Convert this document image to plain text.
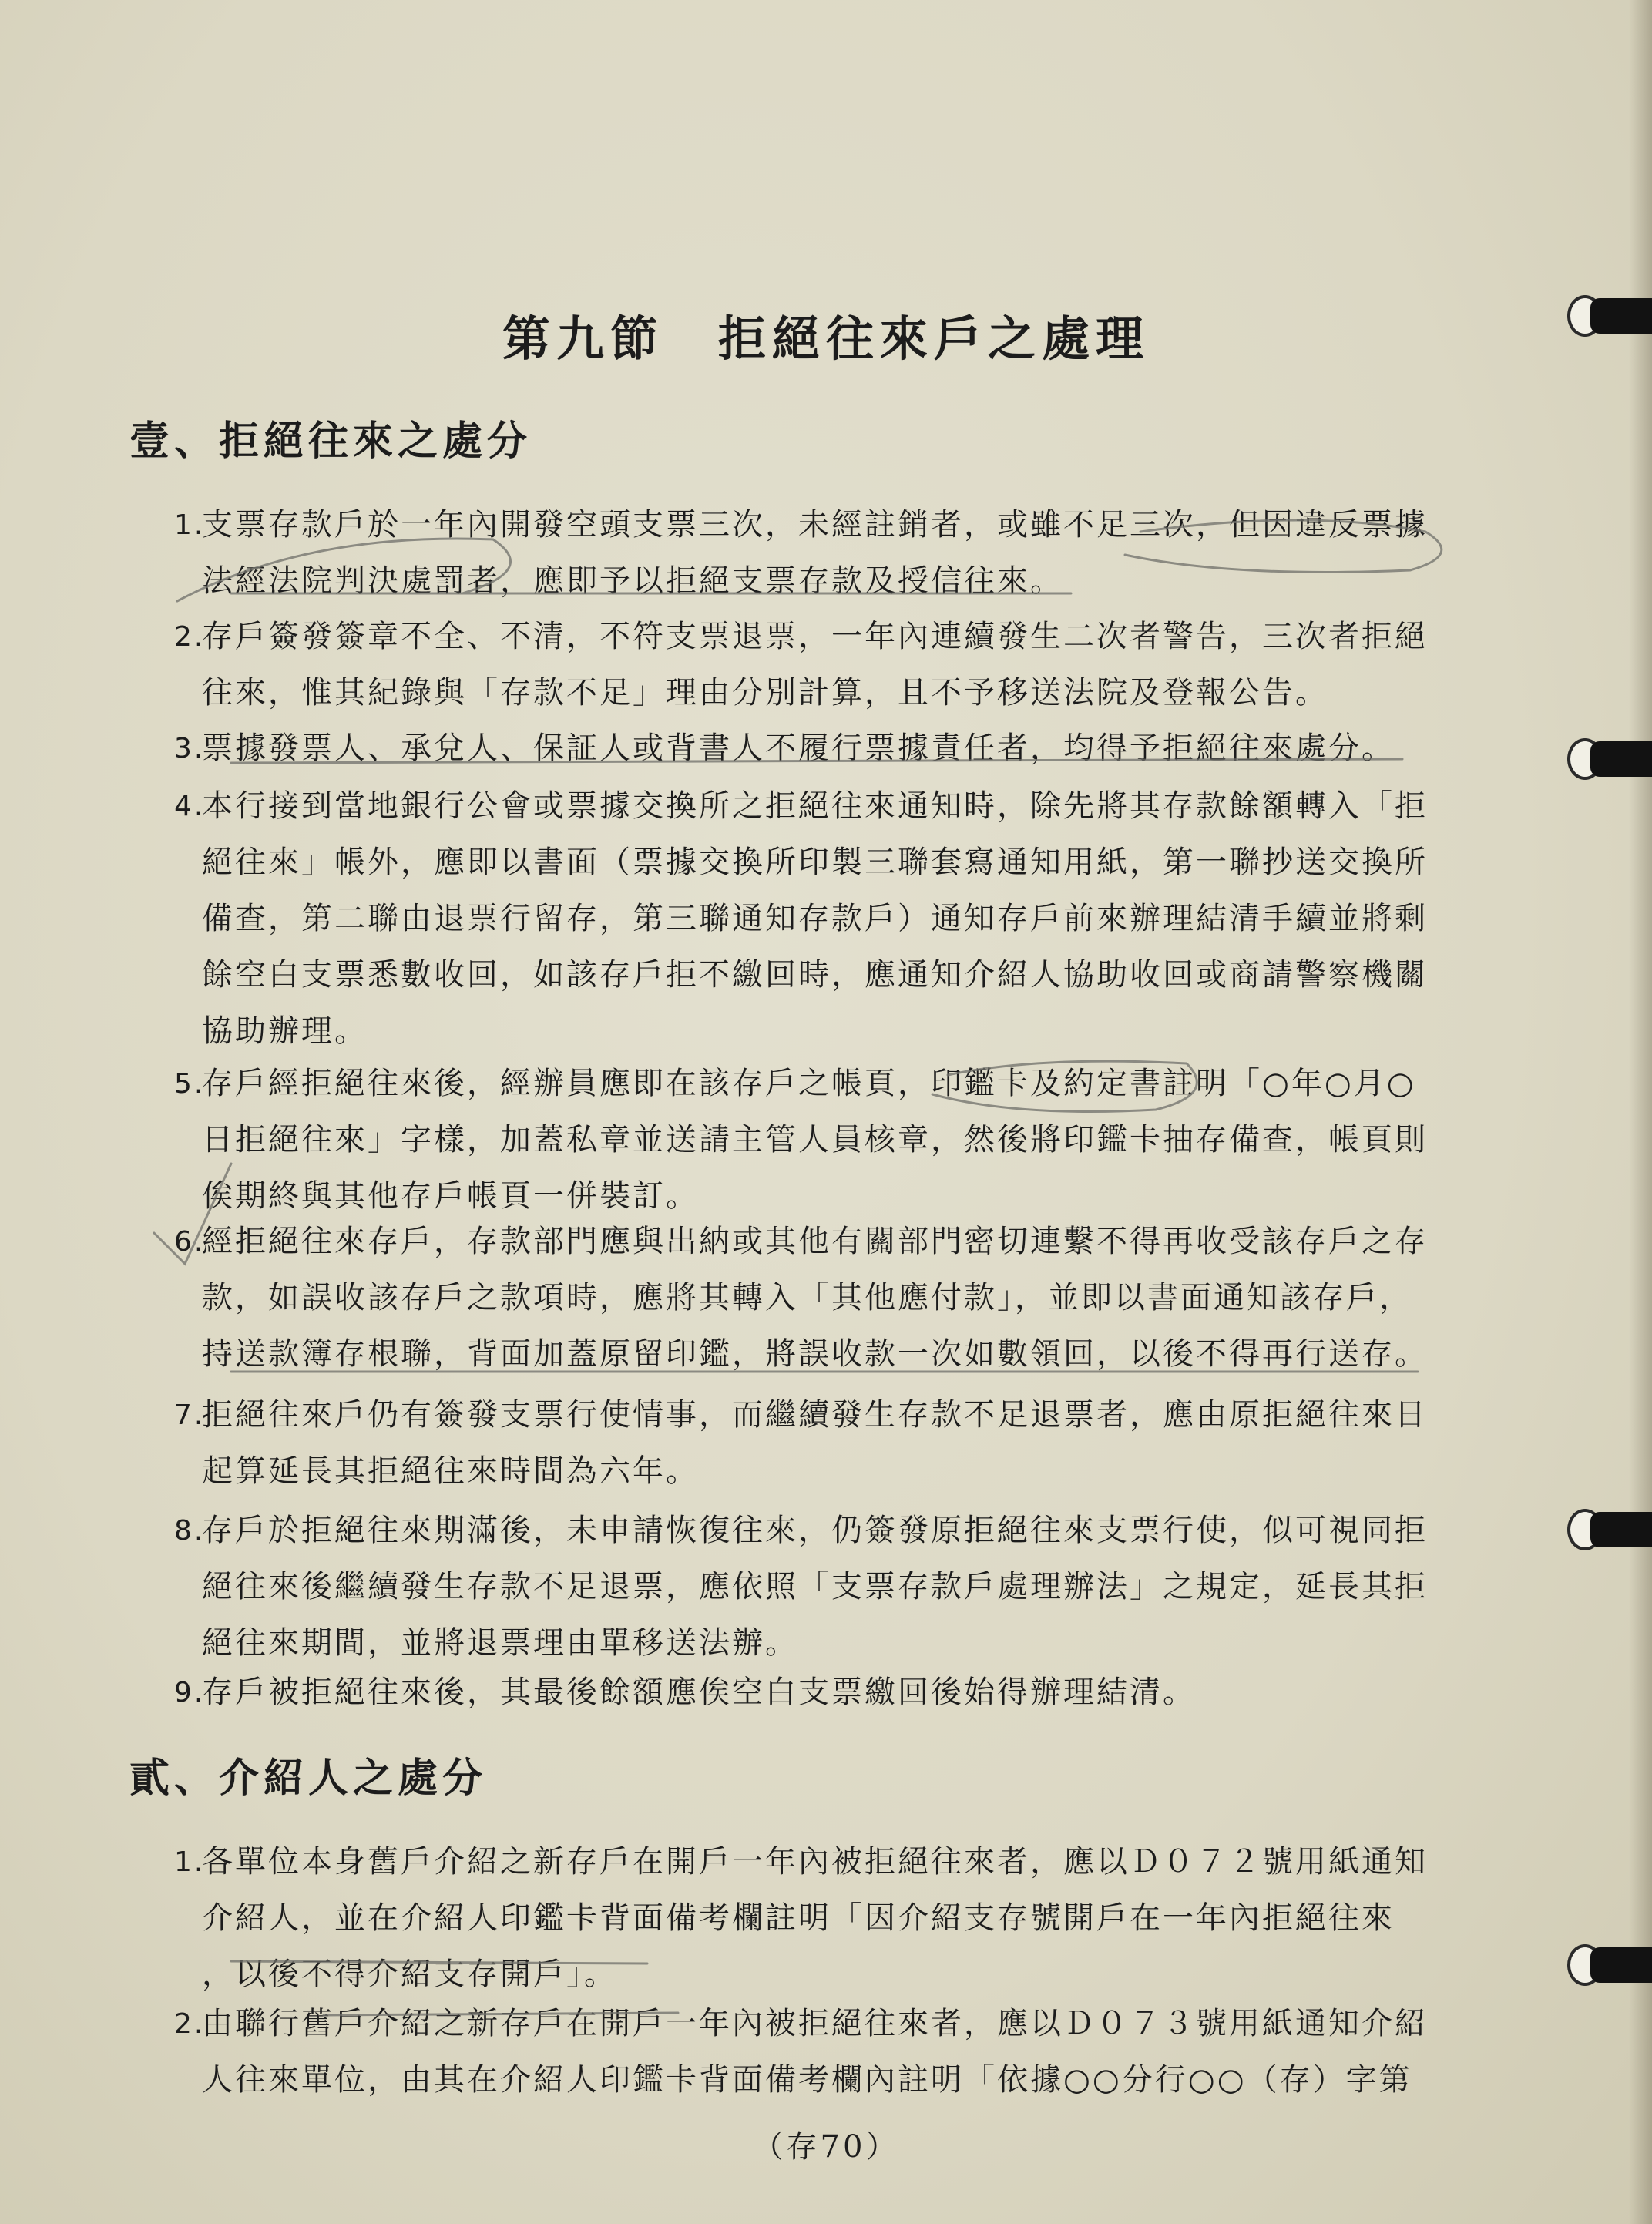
第九節　拒絕往來戶之處理
壹、拒絕往來之處分
1.
支票存款戶於一年內開發空頭支票三次，未經註銷者，或雖不足三次，但因違反票據
法經法院判決處罰者，應即予以拒絕支票存款及授信往來。
2.
存戶簽發簽章不全、不清，不符支票退票，一年內連續發生二次者警告，三次者拒絕
往來，惟其紀錄與「存款不足」理由分別計算，且不予移送法院及登報公告。
3.
票據發票人、承兌人、保証人或背書人不履行票據責任者，均得予拒絕往來處分。
4.
本行接到當地銀行公會或票據交換所之拒絕往來通知時，除先將其存款餘額轉入「拒
絕往來」帳外，應即以書面（票據交換所印製三聯套寫通知用紙，第一聯抄送交換所
備查，第二聯由退票行留存，第三聯通知存款戶）通知存戶前來辦理結清手續並將剩
餘空白支票悉數收回，如該存戶拒不繳回時，應通知介紹人協助收回或商請警察機關
協助辦理。
5.
存戶經拒絕往來後，經辦員應即在該存戶之帳頁，印鑑卡及約定書註明「○年○月○
日拒絕往來」字樣，加蓋私章並送請主管人員核章，然後將印鑑卡抽存備查，帳頁則
俟期終與其他存戶帳頁一併裝訂。
6.
經拒絕往來存戶，存款部門應與出納或其他有關部門密切連繫不得再收受該存戶之存
款，如誤收該存戶之款項時，應將其轉入「其他應付款」，並即以書面通知該存戶，
持送款簿存根聯，背面加蓋原留印鑑，將誤收款一次如數領回，以後不得再行送存。
7.
拒絕往來戶仍有簽發支票行使情事，而繼續發生存款不足退票者，應由原拒絕往來日
起算延長其拒絕往來時間為六年。
8.
存戶於拒絕往來期滿後，未申請恢復往來，仍簽發原拒絕往來支票行使，似可視同拒
絕往來後繼續發生存款不足退票，應依照「支票存款戶處理辦法」之規定，延長其拒
絕往來期間，並將退票理由單移送法辦。
9.
存戶被拒絕往來後，其最後餘額應俟空白支票繳回後始得辦理結清。
貳、介紹人之處分
1.
各單位本身舊戶介紹之新存戶在開戶一年內被拒絕往來者，應以Ｄ０７２號用紙通知
介紹人，並在介紹人印鑑卡背面備考欄註明「因介紹支存號開戶在一年內拒絕往來
，以後不得介紹支存開戶」。
2.
由聯行舊戶介紹之新存戶在開戶一年內被拒絕往來者，應以Ｄ０７３號用紙通知介紹
人往來單位，由其在介紹人印鑑卡背面備考欄內註明「依據○○分行○○（存）字第
（存70）
